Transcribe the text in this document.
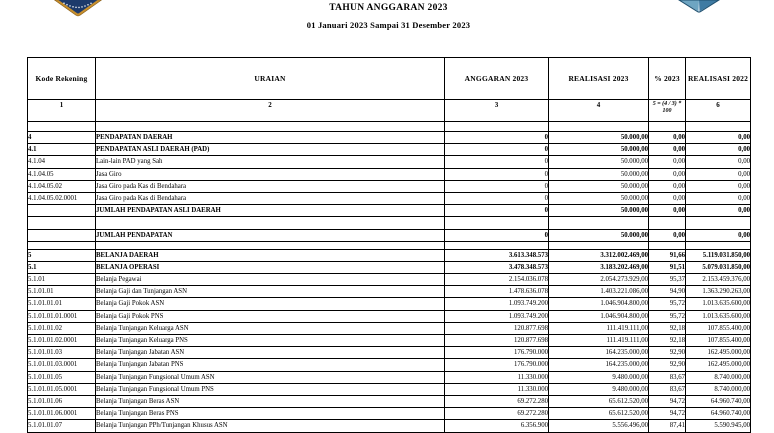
TAHUN ANGGARAN 2023
01 Januari 2023 Sampai 31 Desember 2023
Kode Rekening	URAIAN	ANGGARAN 2023	REALISASI 2023	% 2023	REALISASI 2022
1	2	3	4	5 = (4 / 3) * 100	6

4	PENDAPATAN DAERAH	0	50.000,00	0,00	0,00
4.1	PENDAPATAN ASLI DAERAH (PAD)	0	50.000,00	0,00	0,00
4.1.04	Lain-lain PAD yang Sah	0	50.000,00	0,00	0,00
4.1.04.05	Jasa Giro	0	50.000,00	0,00	0,00
4.1.04.05.02	Jasa Giro pada Kas di Bendahara	0	50.000,00	0,00	0,00
4.1.04.05.02.0001	Jasa Giro pada Kas di Bendahara	0	50.000,00	0,00	0,00
	JUMLAH PENDAPATAN ASLI DAERAH	0	50.000,00	0,00	0,00

	JUMLAH PENDAPATAN	0	50.000,00	0,00	0,00

5	BELANJA DAERAH	3.613.348.573	3.312.002.469,00	91,66	5.119.031.850,00
5.1	BELANJA OPERASI	3.478.348.573	3.183.202.469,00	91,51	5.079.031.850,00
5.1.01	Belanja Pegawai	2.154.036.078	2.054.273.929,00	95,37	2.153.459.376,00
5.1.01.01	Belanja Gaji dan Tunjangan ASN	1.478.636.078	1.403.221.086,00	94,90	1.363.290.263,00
5.1.01.01.01	Belanja Gaji Pokok ASN	1.093.749.200	1.046.904.800,00	95,72	1.013.635.600,00
5.1.01.01.01.0001	Belanja Gaji Pokok PNS	1.093.749.200	1.046.904.800,00	95,72	1.013.635.600,00
5.1.01.01.02	Belanja Tunjangan Keluarga ASN	120.877.698	111.419.111,00	92,18	107.855.400,00
5.1.01.01.02.0001	Belanja Tunjangan Keluarga PNS	120.877.698	111.419.111,00	92,18	107.855.400,00
5.1.01.01.03	Belanja Tunjangan Jabatan ASN	176.790.000	164.235.000,00	92,90	162.495.000,00
5.1.01.01.03.0001	Belanja Tunjangan Jabatan PNS	176.790.000	164.235.000,00	92,90	162.495.000,00
5.1.01.01.05	Belanja Tunjangan Fungsional Umum ASN	11.330.000	9.480.000,00	83,67	8.740.000,00
5.1.01.01.05.0001	Belanja Tunjangan Fungsional Umum PNS	11.330.000	9.480.000,00	83,67	8.740.000,00
5.1.01.01.06	Belanja Tunjangan Beras ASN	69.272.280	65.612.520,00	94,72	64.960.740,00
5.1.01.01.06.0001	Belanja Tunjangan Beras PNS	69.272.280	65.612.520,00	94,72	64.960.740,00
5.1.01.01.07	Belanja Tunjangan PPh/Tunjangan Khusus ASN	6.356.900	5.556.496,00	87,41	5.590.945,00
